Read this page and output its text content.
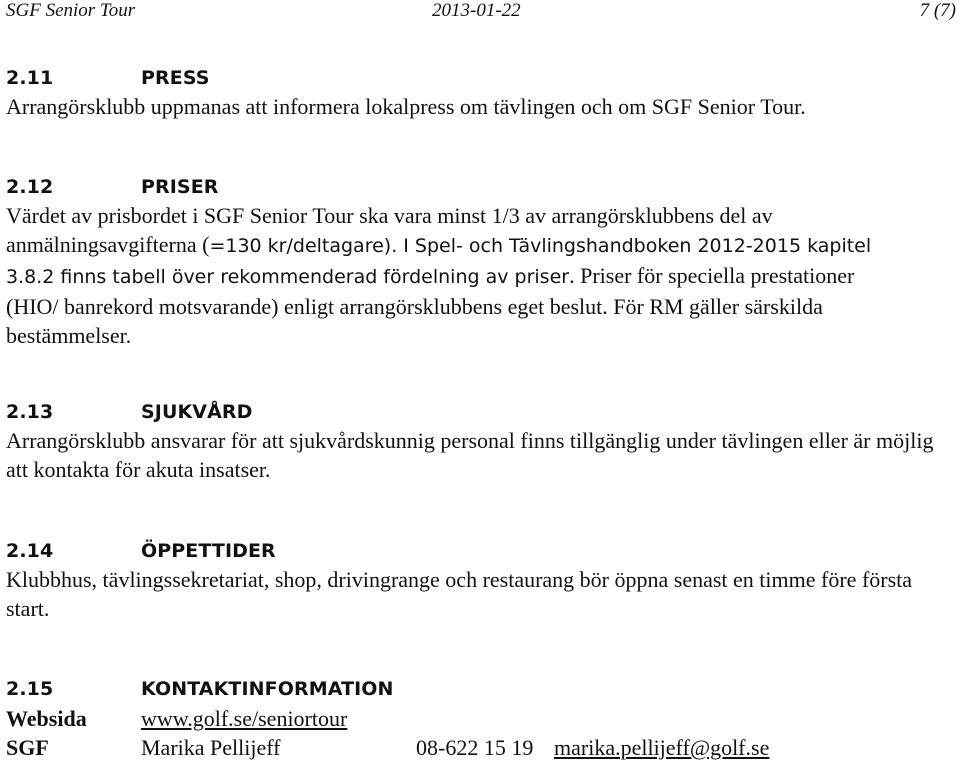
SGF Senior Tour	2013-01-22	7 (7)
2.11	PRESS
Arrangörsklubb uppmanas att informera lokalpress om tävlingen och om SGF Senior Tour.
2.12	PRISER
Värdet av prisbordet i SGF Senior Tour ska vara minst 1/3 av arrangörsklubbens del av
anmälningsavgifterna (=130 kr/deltagare). I Spel- och Tävlingshandboken 2012-2015 kapitel
3.8.2 finns tabell över rekommenderad fördelning av priser. Priser för speciella prestationer
(HIO/ banrekord motsvarande) enligt arrangörsklubbens eget beslut. För RM gäller särskilda
bestämmelser.
2.13	SJUKVÅRD
Arrangörsklubb ansvarar för att sjukvårdskunnig personal finns tillgänglig under tävlingen eller är möjlig att kontakta för akuta insatser.
2.14	ÖPPETTIDER
Klubbhus, tävlingssekretariat, shop, drivingrange och restaurang bör öppna senast en timme före första start.
2.15	KONTAKTINFORMATION
Websida www.golf.se/seniortour
SGF	Marika Pellijeff	08-622 15 19 marika.pellijeff@golf.se
